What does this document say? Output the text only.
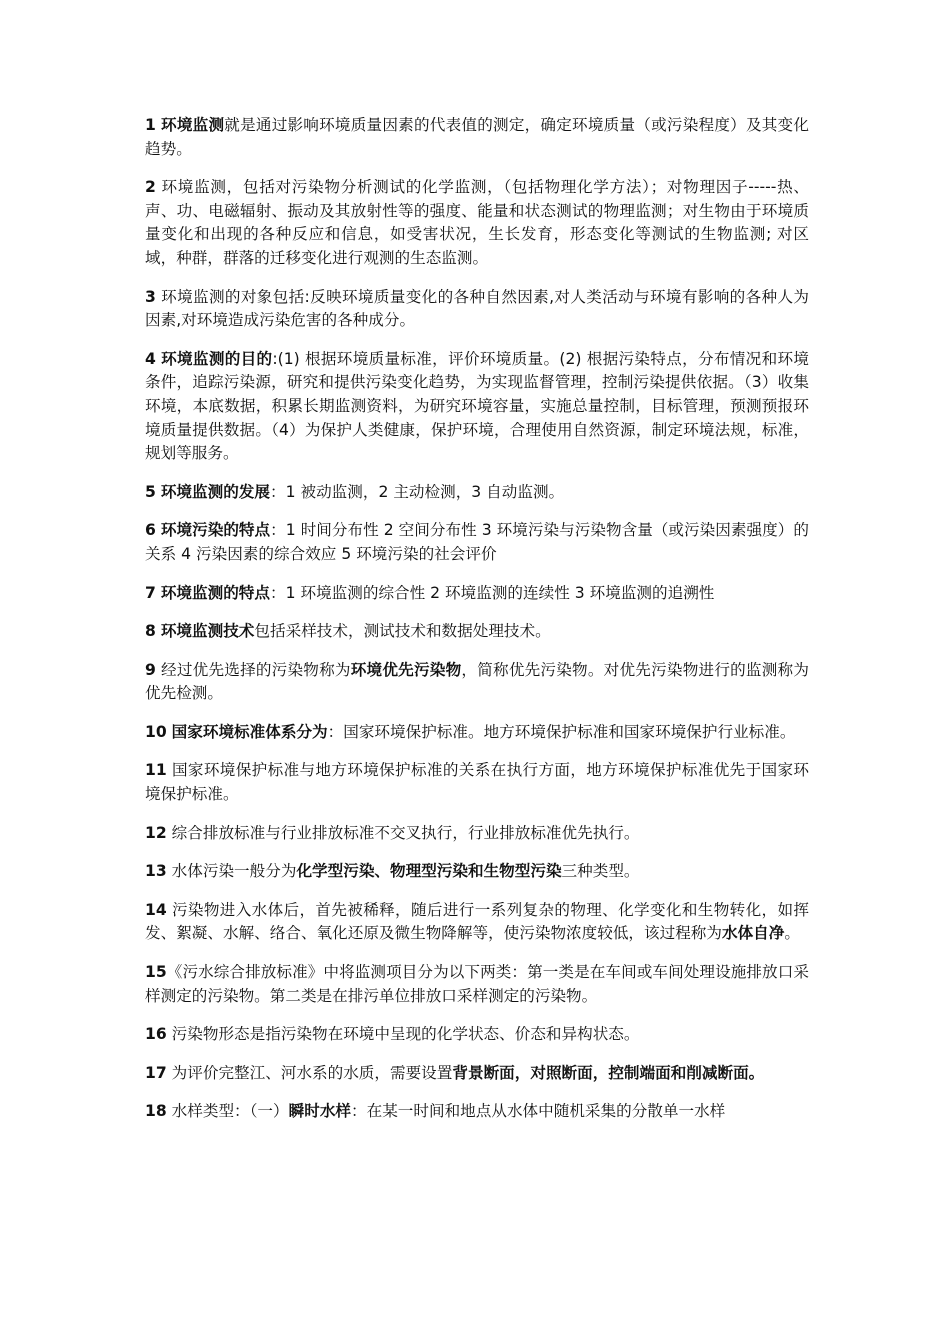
1 环境监测就是通过影响环境质量因素的代表值的测定，确定环境质量（或污染程度）及其变化趋势。

2 环境监测，包括对污染物分析测试的化学监测，（包括物理化学方法）；对物理因子-----热、声、功、电磁辐射、振动及其放射性等的强度、能量和状态测试的物理监测；对生物由于环境质量变化和出现的各种反应和信息，如受害状况，生长发育，形态变化等测试的生物监测; 对区域，种群，群落的迁移变化进行观测的生态监测。

3 环境监测的对象包括:反映环境质量变化的各种自然因素,对人类活动与环境有影响的各种人为因素,对环境造成污染危害的各种成分。

4 环境监测的目的:(1) 根据环境质量标准，评价环境质量。(2) 根据污染特点，分布情况和环境条件，追踪污染源，研究和提供污染变化趋势，为实现监督管理，控制污染提供依据。（3）收集环境，本底数据，积累长期监测资料，为研究环境容量，实施总量控制，目标管理，预测预报环境质量提供数据。（4）为保护人类健康，保护环境，合理使用自然资源，制定环境法规，标准，规划等服务。

5 环境监测的发展：1 被动监测，2 主动检测，3 自动监测。

6 环境污染的特点：1 时间分布性 2 空间分布性 3 环境污染与污染物含量（或污染因素强度）的关系 4 污染因素的综合效应 5 环境污染的社会评价

7 环境监测的特点：1 环境监测的综合性 2 环境监测的连续性 3 环境监测的追溯性

8 环境监测技术包括采样技术，测试技术和数据处理技术。

9 经过优先选择的污染物称为环境优先污染物，简称优先污染物。对优先污染物进行的监测称为优先检测。

10 国家环境标准体系分为：国家环境保护标准。地方环境保护标准和国家环境保护行业标准。

11 国家环境保护标准与地方环境保护标准的关系在执行方面，地方环境保护标准优先于国家环境保护标准。

12 综合排放标准与行业排放标准不交叉执行，行业排放标准优先执行。

13 水体污染一般分为化学型污染、物理型污染和生物型污染三种类型。

14 污染物进入水体后，首先被稀释，随后进行一系列复杂的物理、化学变化和生物转化，如挥发、絮凝、水解、络合、氧化还原及微生物降解等，使污染物浓度较低，该过程称为水体自净。

15《污水综合排放标准》中将监测项目分为以下两类：第一类是在车间或车间处理设施排放口采样测定的污染物。第二类是在排污单位排放口采样测定的污染物。

16 污染物形态是指污染物在环境中呈现的化学状态、价态和异构状态。

17 为评价完整江、河水系的水质，需要设置背景断面，对照断面，控制端面和削减断面。

18 水样类型：（一）瞬时水样：在某一时间和地点从水体中随机采集的分散单一水样
